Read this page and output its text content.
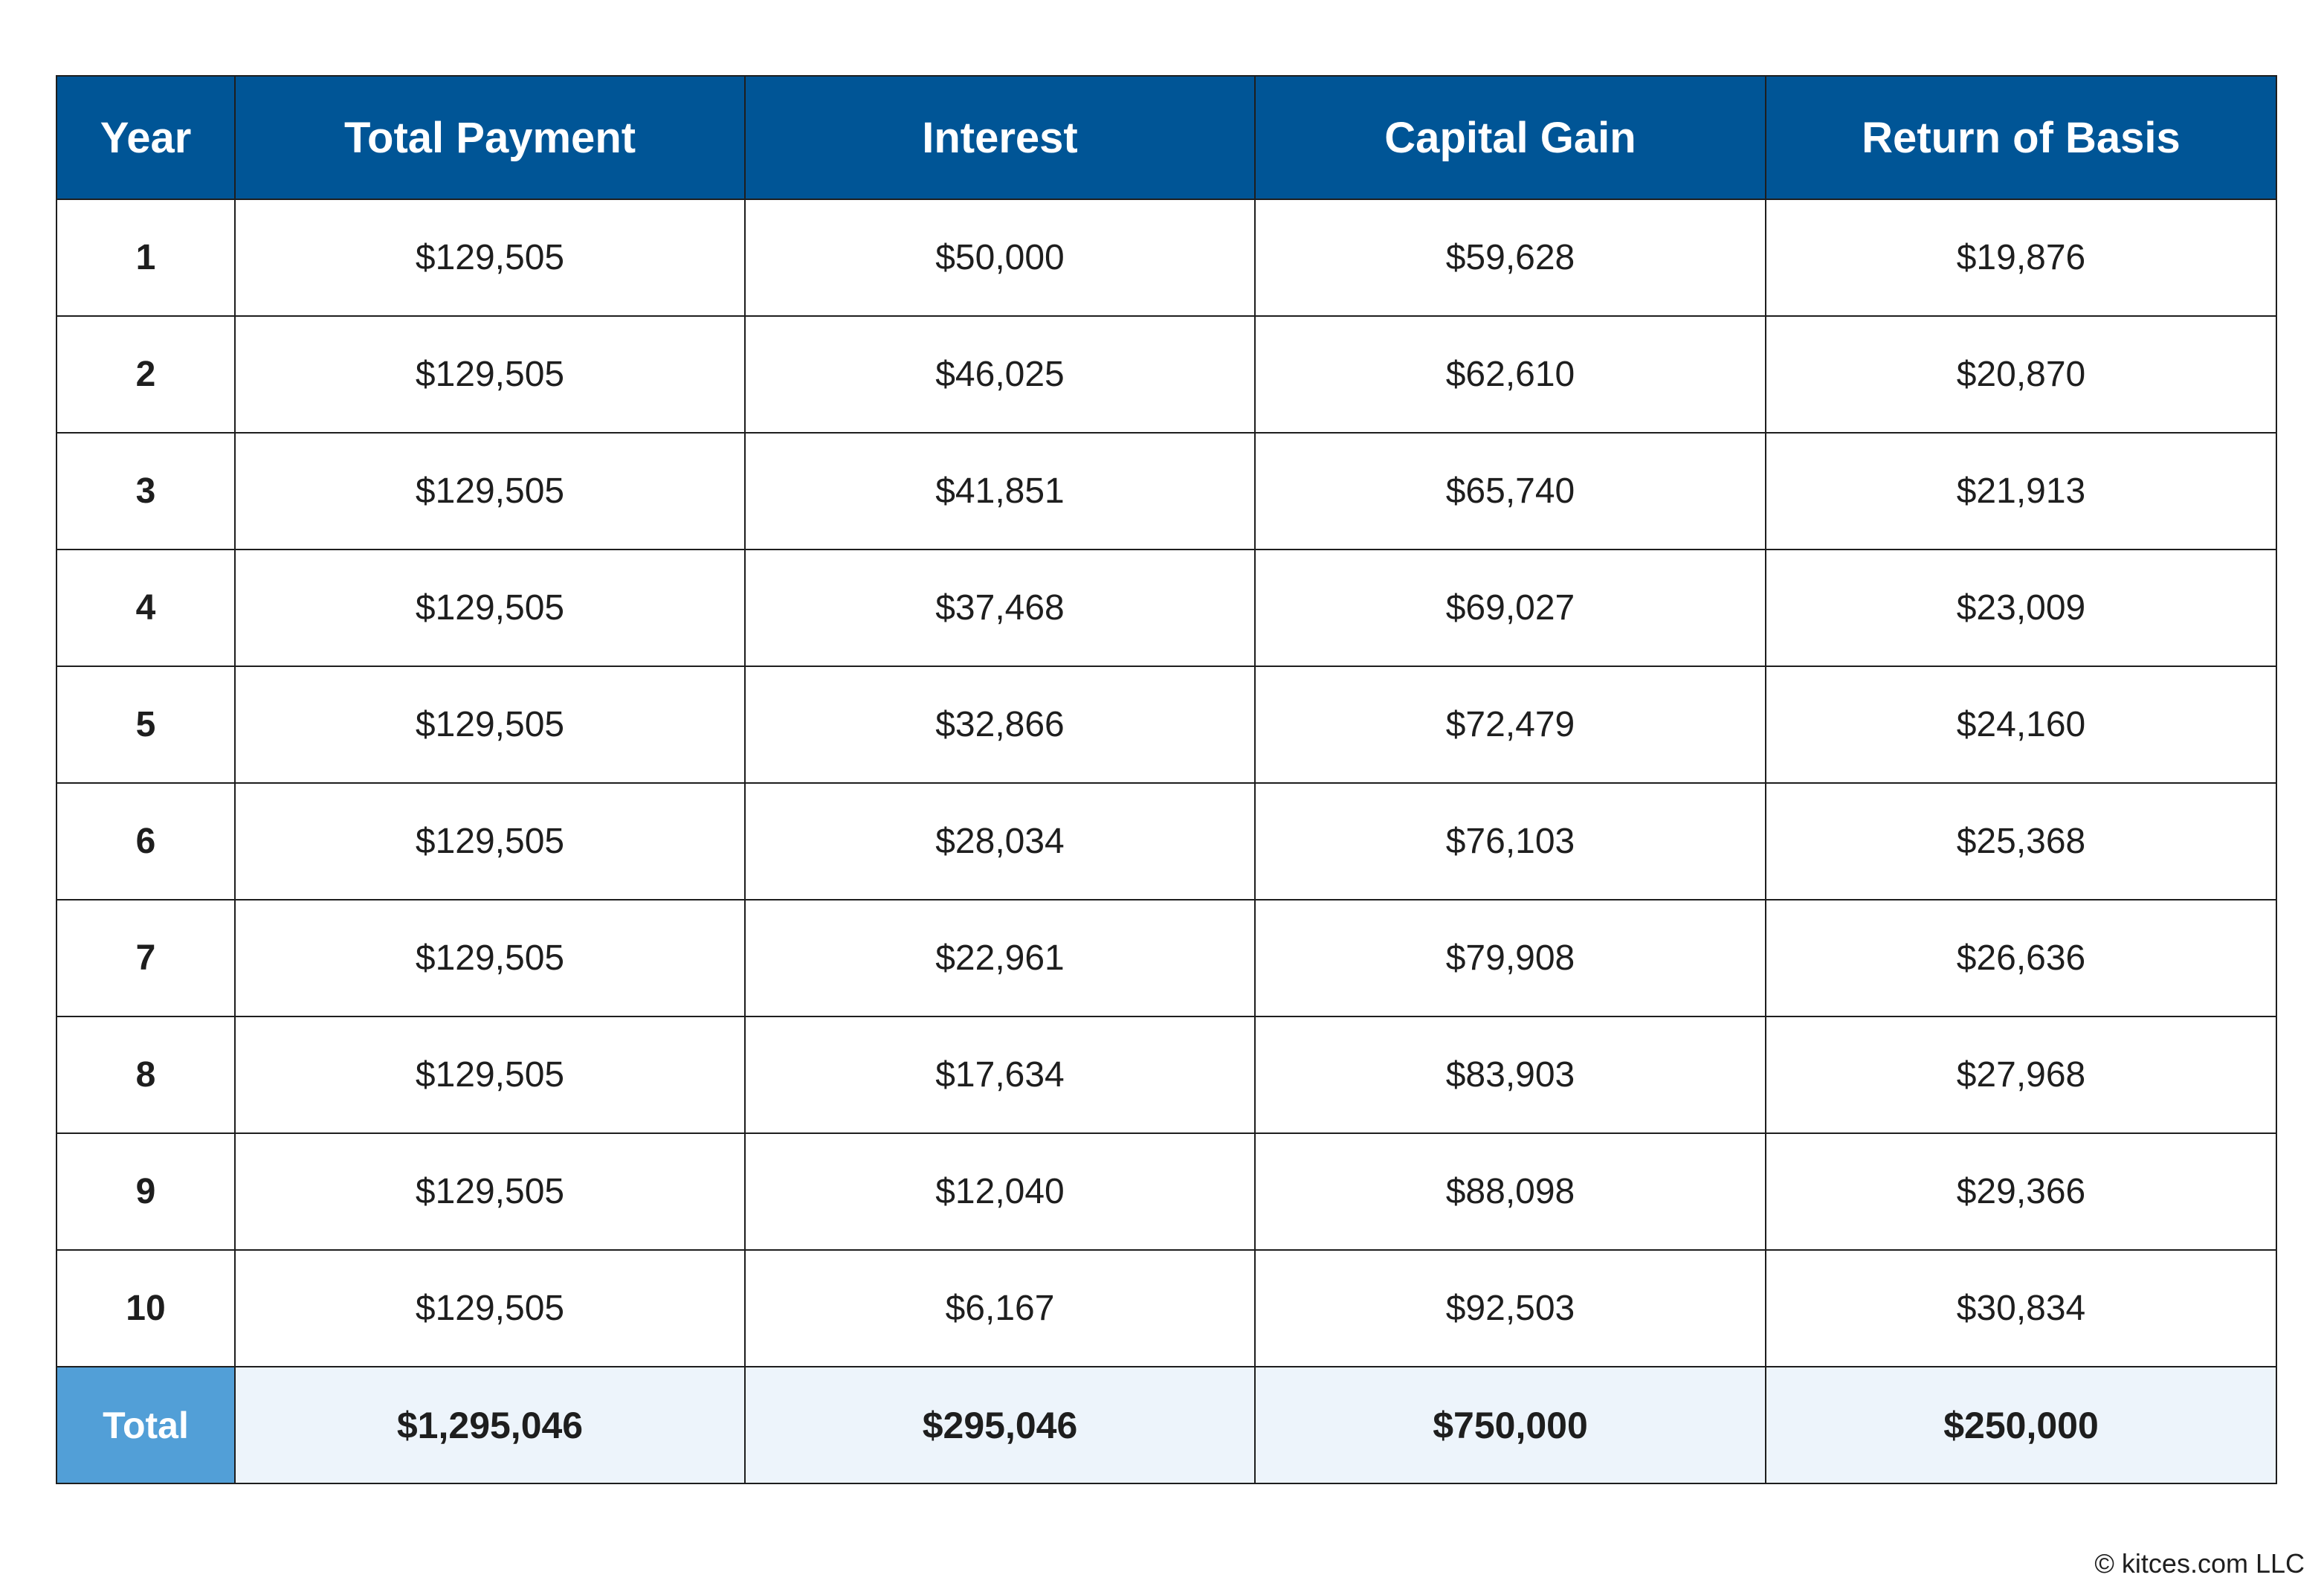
Year	Total Payment	Interest	Capital Gain	Return of Basis
1	$129,505	$50,000	$59,628	$19,876
2	$129,505	$46,025	$62,610	$20,870
3	$129,505	$41,851	$65,740	$21,913
4	$129,505	$37,468	$69,027	$23,009
5	$129,505	$32,866	$72,479	$24,160
6	$129,505	$28,034	$76,103	$25,368
7	$129,505	$22,961	$79,908	$26,636
8	$129,505	$17,634	$83,903	$27,968
9	$129,505	$12,040	$88,098	$29,366
10	$129,505	$6,167	$92,503	$30,834
Total	$1,295,046	$295,046	$750,000	$250,000
© kitces.com LLC
